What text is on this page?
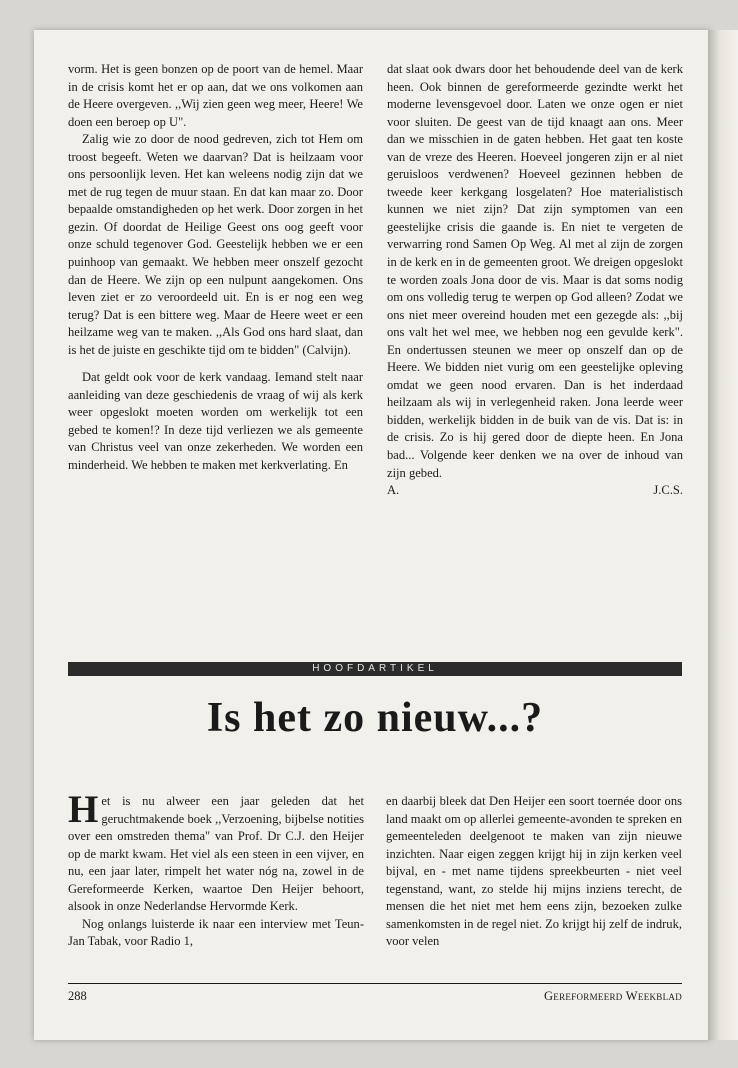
vorm. Het is geen bonzen op de poort van de hemel. Maar in de crisis komt het er op aan, dat we ons volkomen aan de Heere overgeven. ,,Wij zien geen weg meer, Heere! We doen een beroep op U".

Zalig wie zo door de nood gedreven, zich tot Hem om troost begeeft. Weten we daarvan? Dat is heilzaam voor ons persoonlijk leven. Het kan weleens nodig zijn dat we met de rug tegen de muur staan. En dat kan maar zo. Door bepaalde omstandigheden op het werk. Door zorgen in het gezin. Of doordat de Heilige Geest ons oog geeft voor onze schuld tegenover God. Geestelijk hebben we er een puinhoop van gemaakt. We hebben meer onszelf gezocht dan de Heere. We zijn op een nulpunt aangekomen. Ons leven ziet er zo veroordeeld uit. En is er nog een weg terug? Dat is een bittere weg. Maar de Heere weet er een heilzame weg van te maken. ,,Als God ons hard slaat, dan is het de juiste en geschikte tijd om te bidden" (Calvijn).

Dat geldt ook voor de kerk vandaag. Iemand stelt naar aanleiding van deze geschiedenis de vraag of wij als kerk weer opgeslokt moeten worden om werkelijk tot een gebed te komen!? In deze tijd verliezen we als gemeente van Christus veel van onze zekerheden. We worden een minderheid. We hebben te maken met kerkverlating. En

dat slaat ook dwars door het behoudende deel van de kerk heen. Ook binnen de gereformeerde gezindte werkt het moderne levensgevoel door. Laten we onze ogen er niet voor sluiten. De geest van de tijd knaagt aan ons. Meer dan we misschien in de gaten hebben. Het gaat ten koste van de vreze des Heeren. Hoeveel jongeren zijn er al niet geruisloos verdwenen? Hoeveel gezinnen hebben de tweede keer kerkgang losgelaten? Hoe materialistisch kunnen we niet zijn? Dat zijn symptomen van een geestelijke crisis die gaande is. En niet te vergeten de verwarring rond Samen Op Weg. Al met al zijn de zorgen in de kerk en in de gemeenten groot. We dreigen opgeslokt te worden zoals Jona door de vis. Maar is dat soms nodig om ons volledig terug te werpen op God alleen? Zodat we ons niet meer overeind houden met een gezegde als: ,,bij ons valt het wel mee, we hebben nog een gevulde kerk". En ondertussen steunen we meer op onszelf dan op de Heere. We bidden niet vurig om een geestelijke opleving omdat we geen nood ervaren. Dan is het inderdaad heilzaam als wij in verlegenheid raken. Jona leerde weer bidden, werkelijk bidden in de buik van de vis. Dat is: in de crisis. Zo is hij gered door de diepte heen. En Jona bad... Volgende keer denken we na over de inhoud van zijn gebed.

A.	J.C.S.
HOOFDARTIKEL
Is het zo nieuw...?

Het is nu alweer een jaar geleden dat het geruchtmakende boek ,,Verzoening, bijbelse notities over een omstreden thema" van Prof. Dr C.J. den Heijer op de markt kwam. Het viel als een steen in een vijver, en nu, een jaar later, rimpelt het water nóg na, zowel in de Gereformeerde Kerken, waartoe Den Heijer behoort, alsook in onze Nederlandse Hervormde Kerk.

Nog onlangs luisterde ik naar een interview met Teun-Jan Tabak, voor Radio 1,

en daarbij bleek dat Den Heijer een soort toernée door ons land maakt om op allerlei gemeente-avonden te spreken en gemeenteleden deelgenoot te maken van zijn nieuwe inzichten. Naar eigen zeggen krijgt hij in zijn kerken veel bijval, en - met name tijdens spreekbeurten - niet veel tegenstand, want, zo stelde hij mijns inziens terecht, de mensen die het niet met hem eens zijn, bezoeken zulke samenkomsten in de regel niet. Zo krijgt hij zelf de indruk, voor velen

288	Gereformeerd Weekblad
